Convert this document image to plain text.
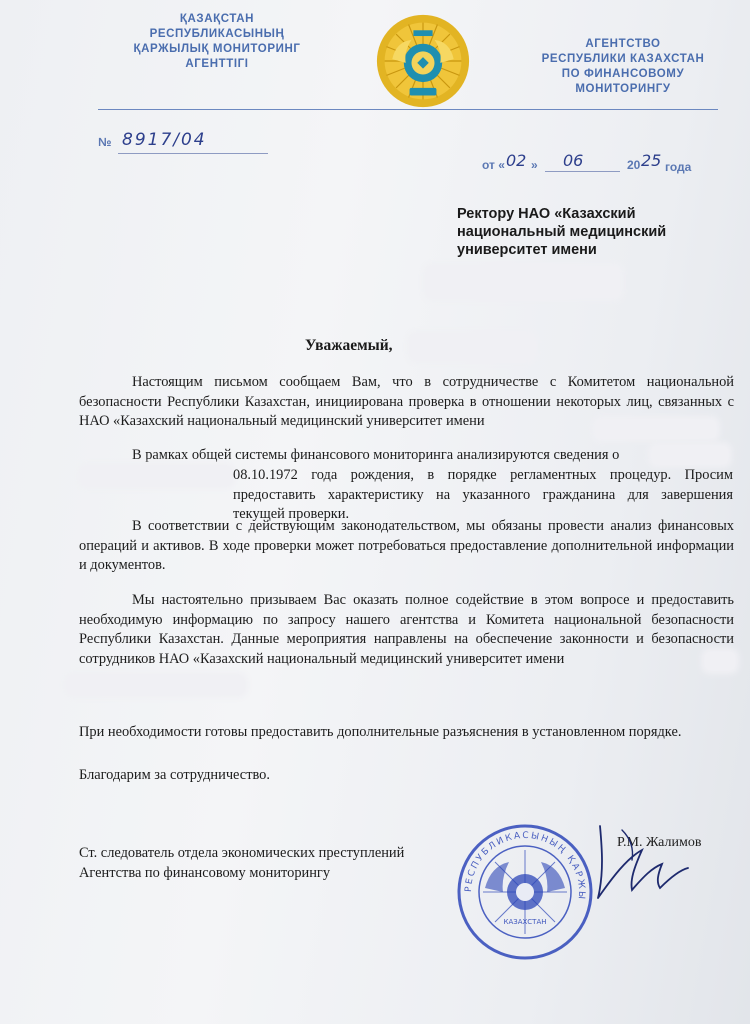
ҚАЗАҚСТАН
РЕСПУБЛИКАСЫНЫҢ
ҚАРЖЫЛЫҚ МОНИТОРИНГ
АГЕНТТІГІ
АГЕНТСТВО
РЕСПУБЛИКИ КАЗАХСТАН
ПО ФИНАНСОВОМУ
МОНИТОРИНГУ
№ 8917/04
от « 02 » 06	20 25 года
Ректору НАО «Казахский
национальный медицинский
университет имени
Уважаемый,

Настоящим письмом сообщаем Вам, что в сотрудничестве с Комитетом национальной безопасности Республики Казахстан, инициирована проверка в отношении некоторых лиц, связанных с НАО «Казахский национальный медицинский университет имени

В рамках общей системы финансового мониторинга анализируются сведения о

08.10.1972 года рождения, в порядке регламентных процедур. Просим предоставить характеристику на указанного гражданина для завершения текущей проверки.

В соответствии с действующим законодательством, мы обязаны провести анализ финансовых операций и активов. В ходе проверки может потребоваться предоставление дополнительной информации и документов.

Мы настоятельно призываем Вас оказать полное содействие в этом вопросе и предоставить необходимую информацию по запросу нашего агентства и Комитета национальной безопасности Республики Казахстан. Данные мероприятия направлены на обеспечение законности и безопасности сотрудников НАО «Казахский национальный медицинский университет имени

При необходимости готовы предоставить дополнительные разъяснения в установленном порядке.

Благодарим за сотрудничество.

Ст. следователь отдела экономических преступлений
Агентства по финансовому мониторингу
Р.М. Жалимов
РЕСПУБЛИКАСЫНЫҢ ҚАРЖЫ
КАЗАХСТАН
